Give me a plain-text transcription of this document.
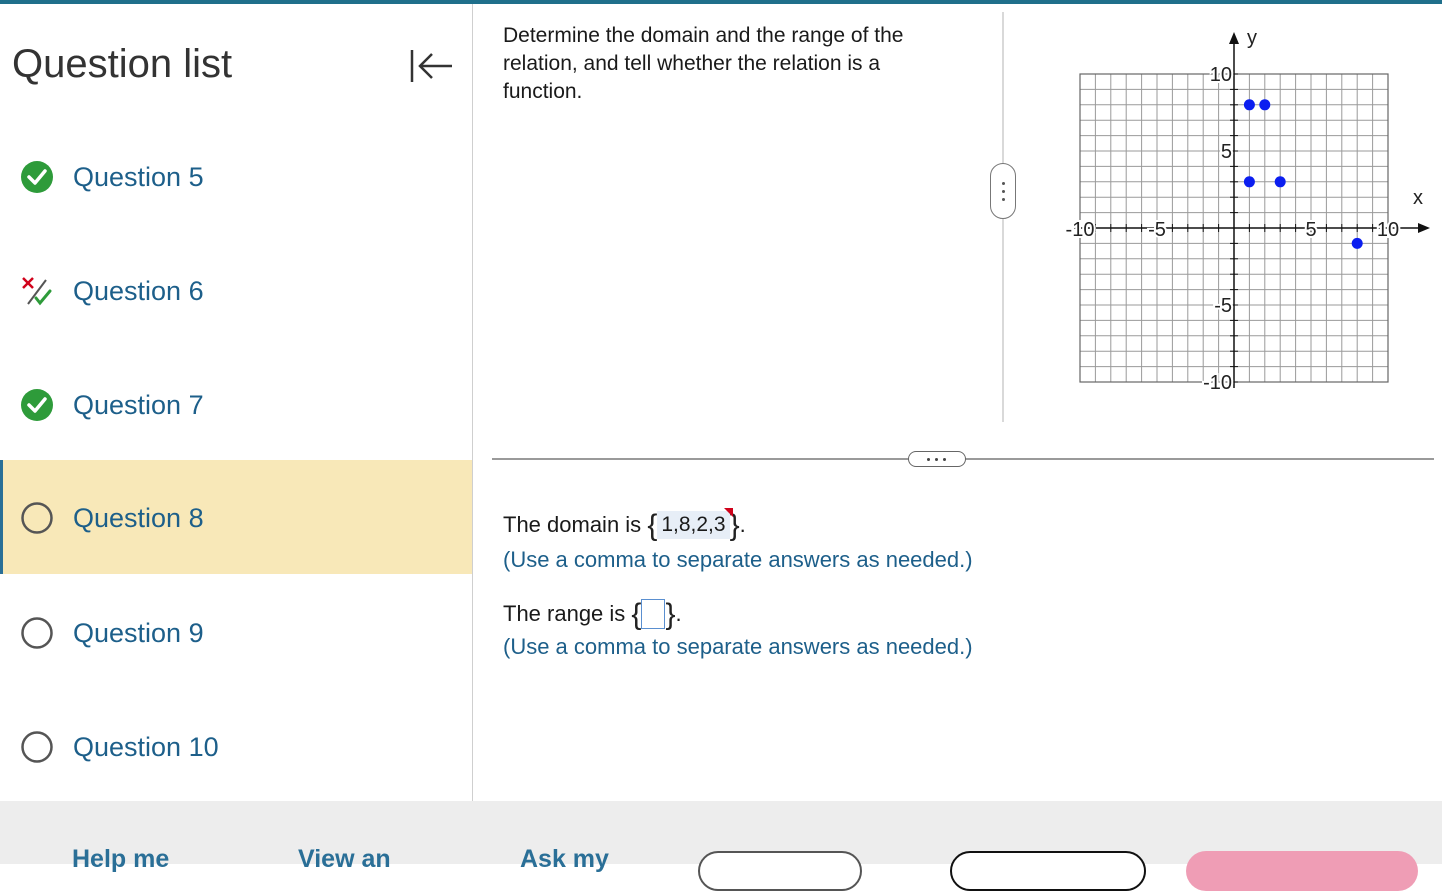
Question list
Question 5
Question 6
Question 7
Question 8
Question 9
Question 10
Determine the domain and the range of the relation, and tell whether the relation is a function.
-10	-5	5	10
10
5
-5
-10
x
y
The domain is { 1,8,2,3 }.
(Use a comma to separate answers as needed.)
The range is { }.
(Use a comma to separate answers as needed.)
Help me	View an	Ask my
